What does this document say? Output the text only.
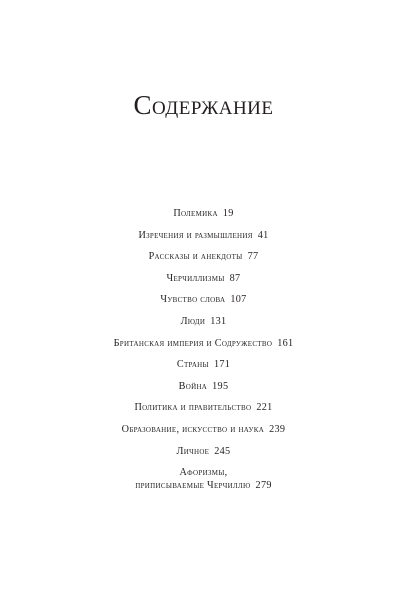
Содержание
Полемика 19
Изречения и размышления 41
Рассказы и анекдоты 77
Черчиллизмы 87
Чувство слова 107
Люди 131
Британская империя и Содружество 161
Страны 171
Война 195
Политика и правительство 221
Образование, искусство и наука 239
Личное 245
Афоризмы,
приписываемые Черчиллю 279
